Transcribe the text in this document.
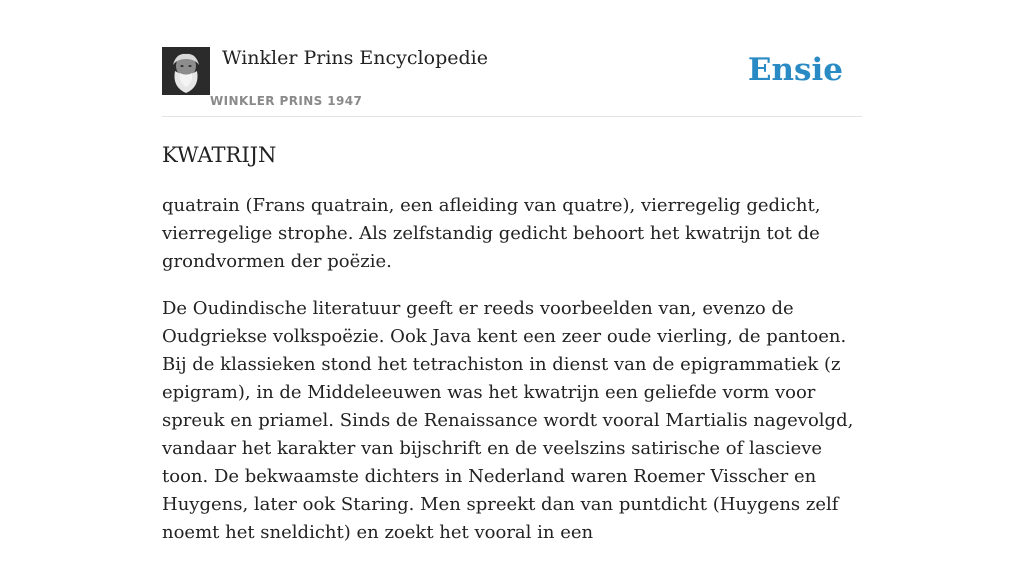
Winkler Prins Encyclopedie
WINKLER PRINS 1947
Ensie
KWATRIJN

quatrain (Frans quatrain, een afleiding van quatre), vierregelig gedicht, vierregelige strophe. Als zelfstandig gedicht behoort het kwatrijn tot de grondvormen der poëzie.

De Oudindische literatuur geeft er reeds voorbeelden van, evenzo de Oudgriekse volkspoëzie. Ook Java kent een zeer oude vierling, de pantoen. Bij de klassieken stond het tetrachiston in dienst van de epigrammatiek (z epigram), in de Middeleeuwen was het kwatrijn een geliefde vorm voor spreuk en priamel. Sinds de Renaissance wordt vooral Martialis nagevolgd, vandaar het karakter van bijschrift en de veelszins satirische of lascieve toon. De bekwaamste dichters in Nederland waren Roemer Visscher en Huygens, later ook Staring. Men spreekt dan van puntdicht (Huygens zelf noemt het sneldicht) en zoekt het vooral in een
